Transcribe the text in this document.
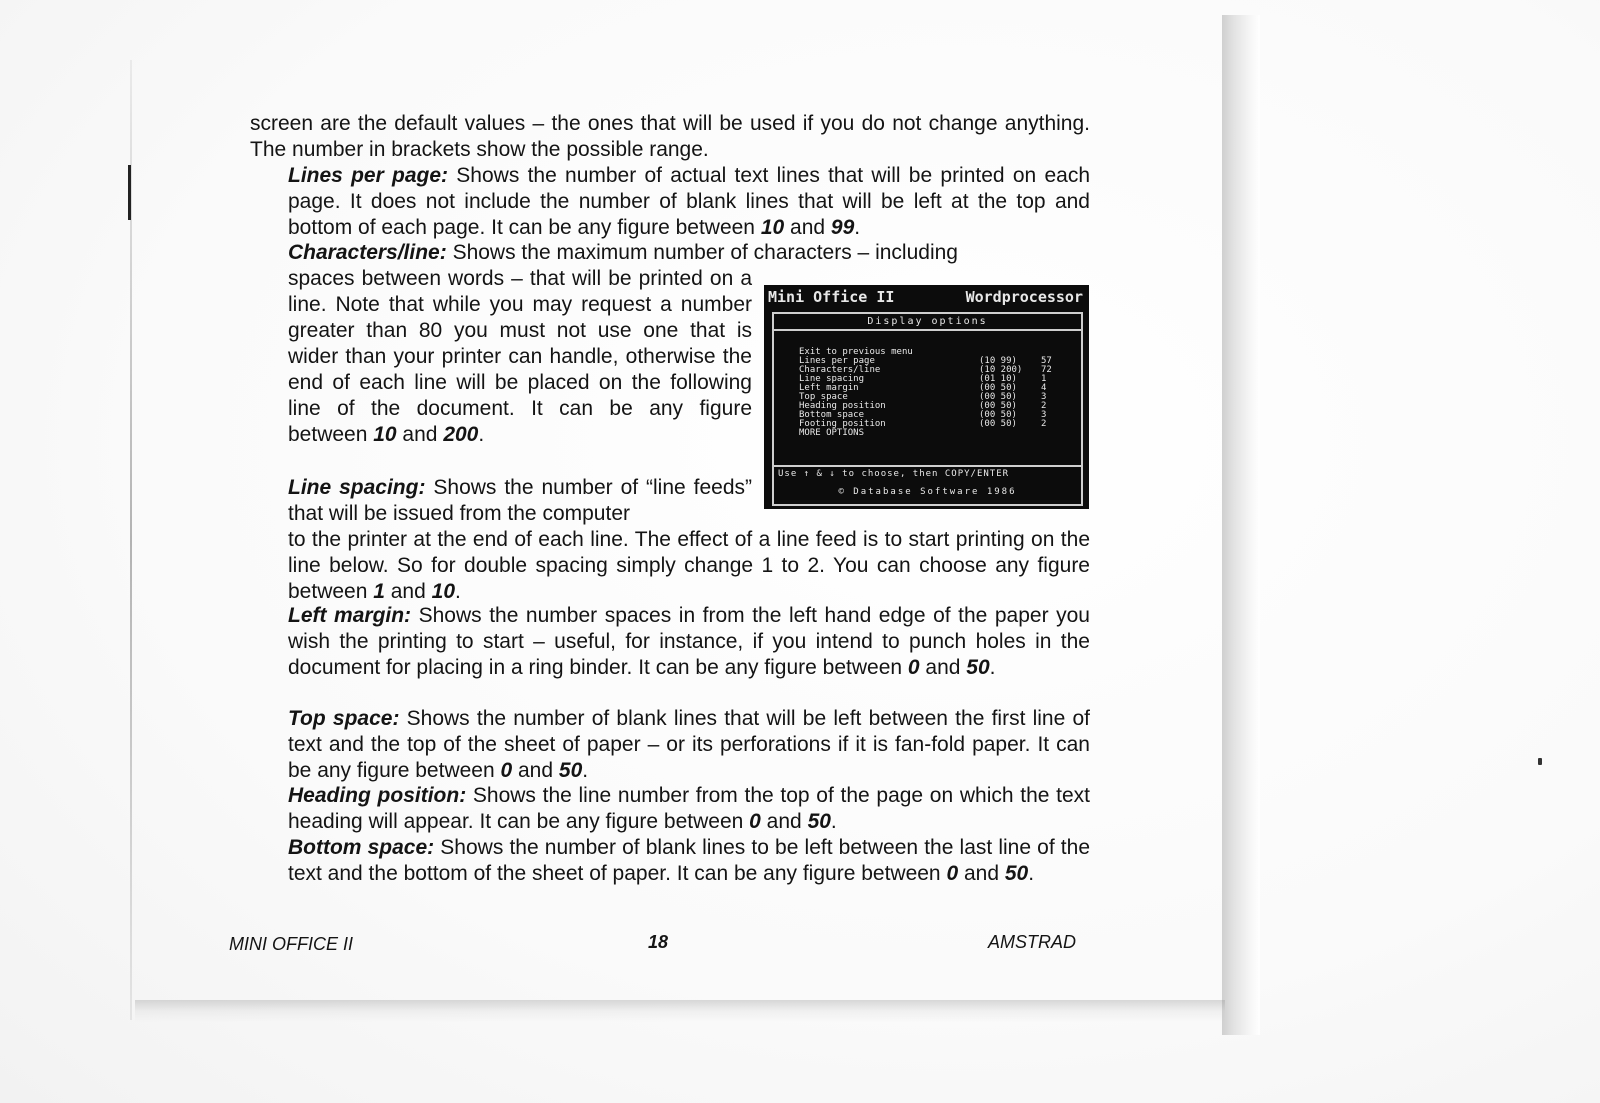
screen are the default values – the ones that will be used if you do not change anything. The number in brackets show the possible range.

Lines per page: Shows the number of actual text lines that will be printed on each page. It does not include the number of blank lines that will be left at the top and bottom of each page. It can be any figure between 10 and 99.

Characters/line: Shows the maximum number of characters – including
spaces between words – that will be printed on a line. Note that while you may request a number greater than 80 you must not use one that is wider than your printer can handle, otherwise the end of each line will be placed on the following line of the document. It can be any figure between 10 and 200.
Line spacing: Shows the number of “line feeds” that will be issued from the computer
to the printer at the end of each line. The effect of a line feed is to start printing on the line below. So for double spacing simply change 1 to 2. You can choose any figure between 1 and 10.

Left margin: Shows the number spaces in from the left hand edge of the paper you wish the printing to start – useful, for instance, if you intend to punch holes in the document for placing in a ring binder. It can be any figure between 0 and 50.

Top space: Shows the number of blank lines that will be left between the first line of text and the top of the sheet of paper – or its perforations if it is fan-fold paper. It can be any figure between 0 and 50.

Heading position: Shows the line number from the top of the page on which the text heading will appear. It can be any figure between 0 and 50.

Bottom space: Shows the number of blank lines to be left between the last line of the text and the bottom of the sheet of paper. It can be any figure between 0 and 50.

Mini Office II	Wordprocessor
Display options
Exit to previous menu
Lines per page	(10 99)	57
Characters/line	(10 200) 72
Line spacing	(01 10)	1
Left margin	(00 50)	4
Top space	(00 50)	3
Heading position	(00 50)	2
Bottom space	(00 50)	3
Footing position	(00 50)	2
MORE OPTIONS
Use ↑ & ↓ to choose, then COPY/ENTER
© Database Software 1986
MINI OFFICE II	18	AMSTRAD
